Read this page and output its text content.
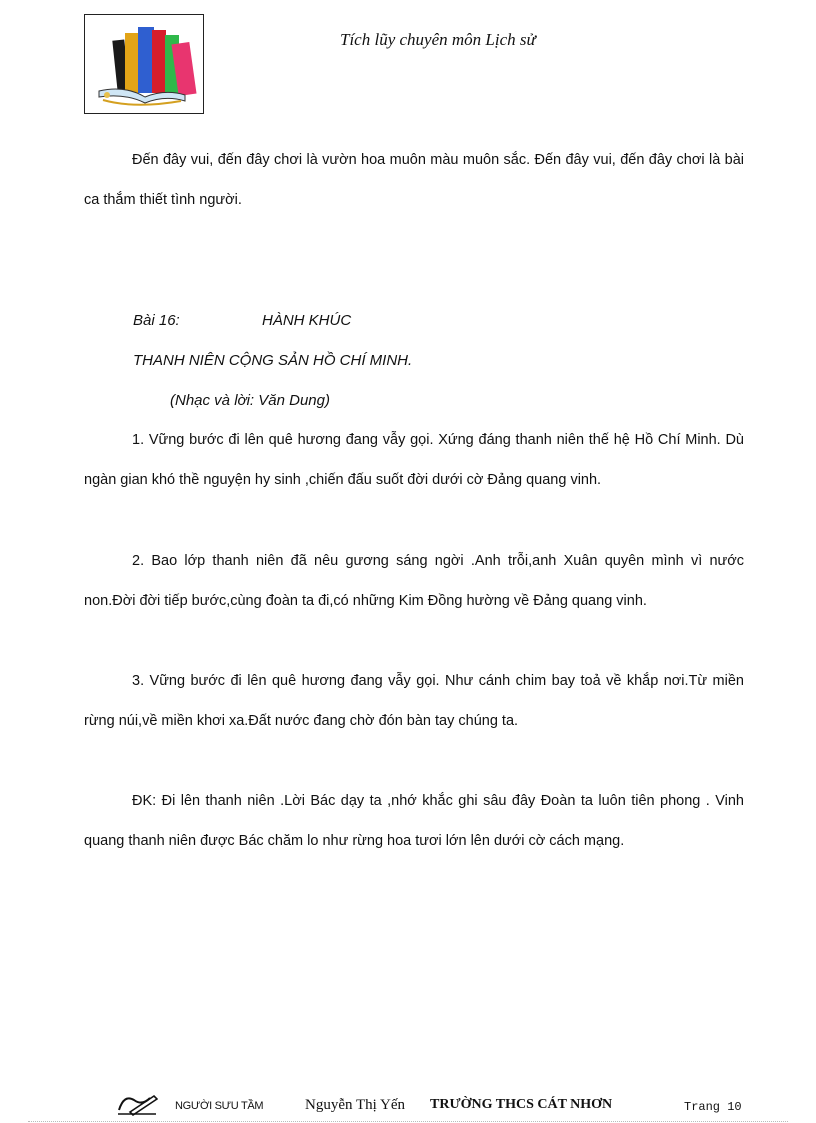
Tích lũy chuyên môn Lịch sử

Đến đây vui, đến đây chơi là vườn hoa muôn màu muôn sắc. Đến đây vui, đến đây chơi là bài ca thắm thiết tình người.

Bài 16:	HÀNH KHÚC
THANH NIÊN CỘNG SẢN HỒ CHÍ MINH.
(Nhạc và lời: Văn Dung)

1. Vững bước đi lên quê hương đang vẫy gọi. Xứng đáng thanh niên thế hệ Hồ Chí Minh. Dù ngàn gian khó thề nguyện hy sinh ,chiến đấu suốt đời dưới cờ Đảng quang vinh.

2. Bao lớp thanh niên đã nêu gương sáng ngời .Anh trỗi,anh Xuân quyên mình vì nước non.Đời đời tiếp bước,cùng đoàn ta đi,có những Kim Đồng hường về Đảng quang vinh.

3. Vững bước đi lên quê hương đang vẫy gọi. Như cánh chim bay toả về khắp nơi.Từ miền rừng núi,về miền khơi xa.Đất nước đang chờ đón bàn tay chúng ta.

ĐK: Đi lên thanh niên .Lời Bác dạy ta ,nhớ khắc ghi sâu đây Đoàn ta luôn tiên phong . Vinh quang thanh niên được Bác chăm lo như rừng hoa tươi lớn lên dưới cờ cách mạng.

NGƯỜI SƯU TẦM	Nguyễn Thị Yến TRƯỜNG THCS CÁT NHƠN	Trang 10
